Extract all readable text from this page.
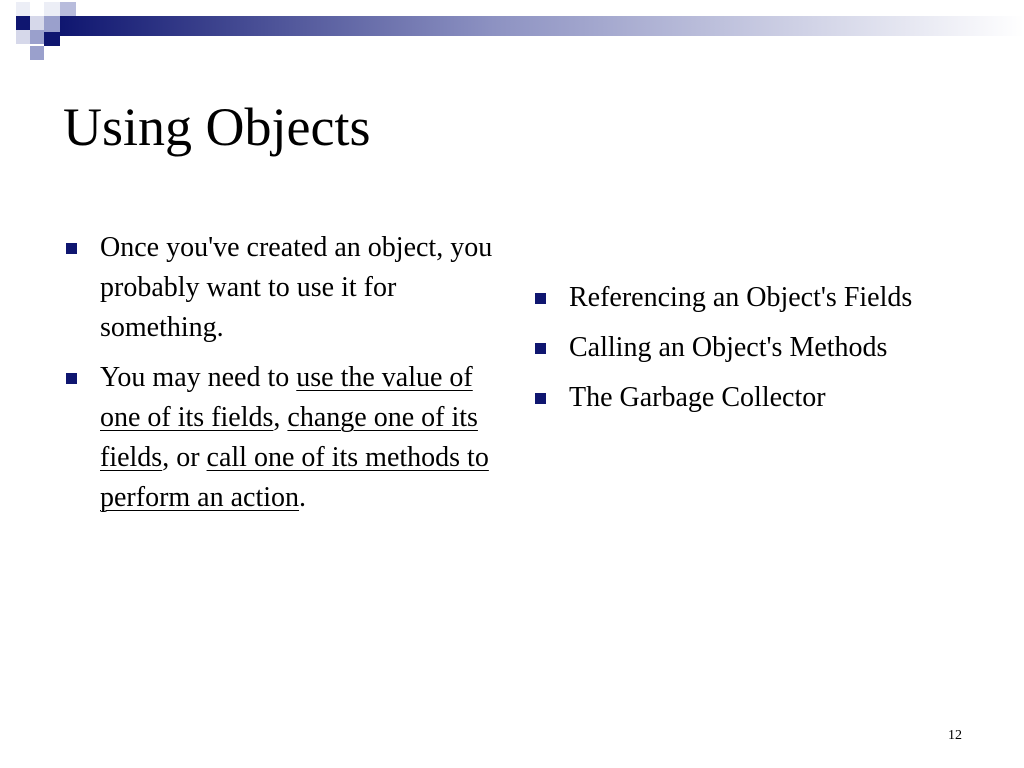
Using Objects
Once you've created an object, you probably want to use it for something.
You may need to use the value of one of its fields, change one of its fields, or call one of its methods to perform an action.
Referencing an Object's Fields
Calling an Object's Methods
The Garbage Collector
12
